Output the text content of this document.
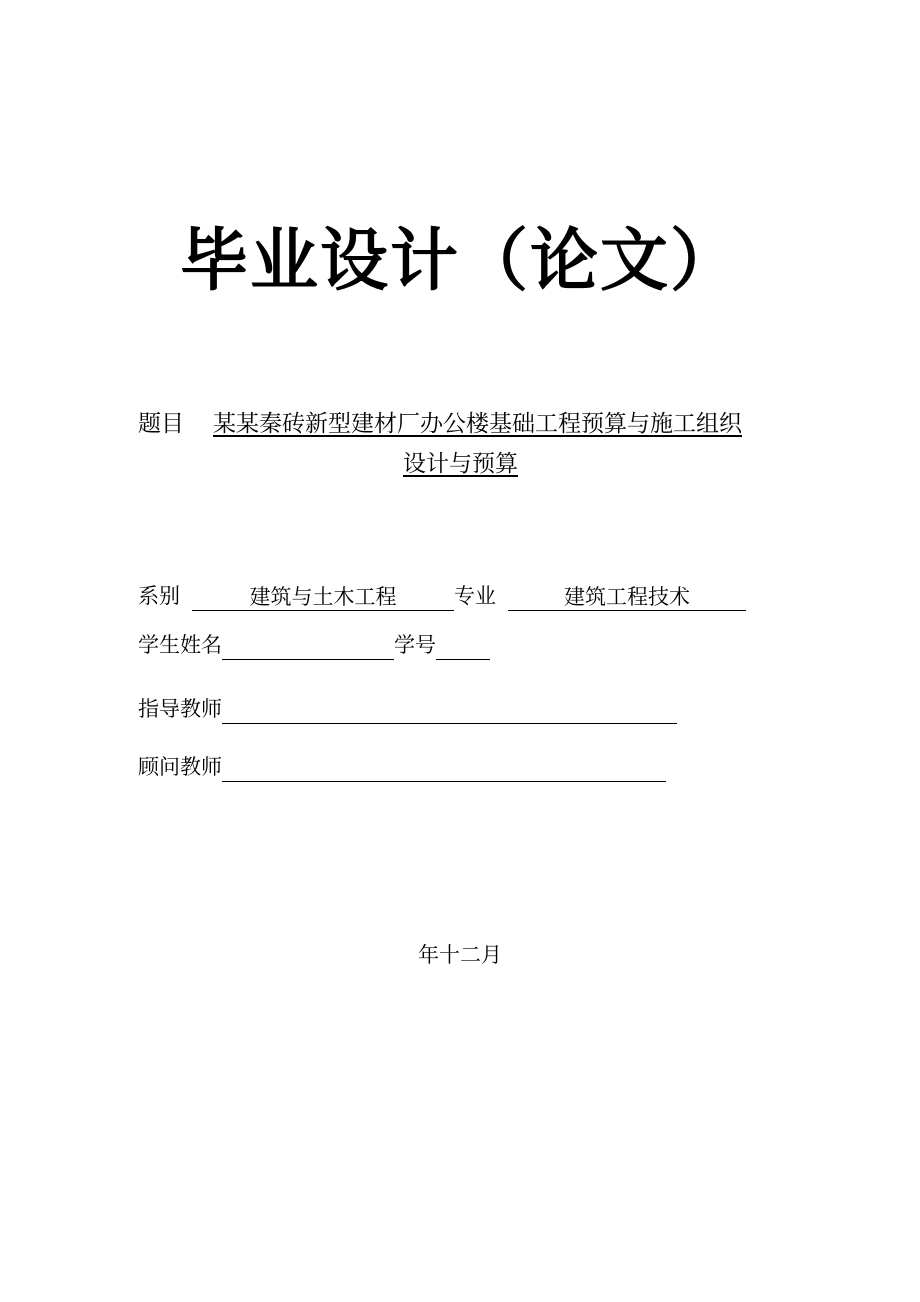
毕业设计（论文）
题目	某某秦砖新型建材厂办公楼基础工程预算与施工组织
设计与预算
系别	建筑与土木工程	专业	建筑工程技术
学生姓名	学号
指导教师
顾问教师
年十二月
